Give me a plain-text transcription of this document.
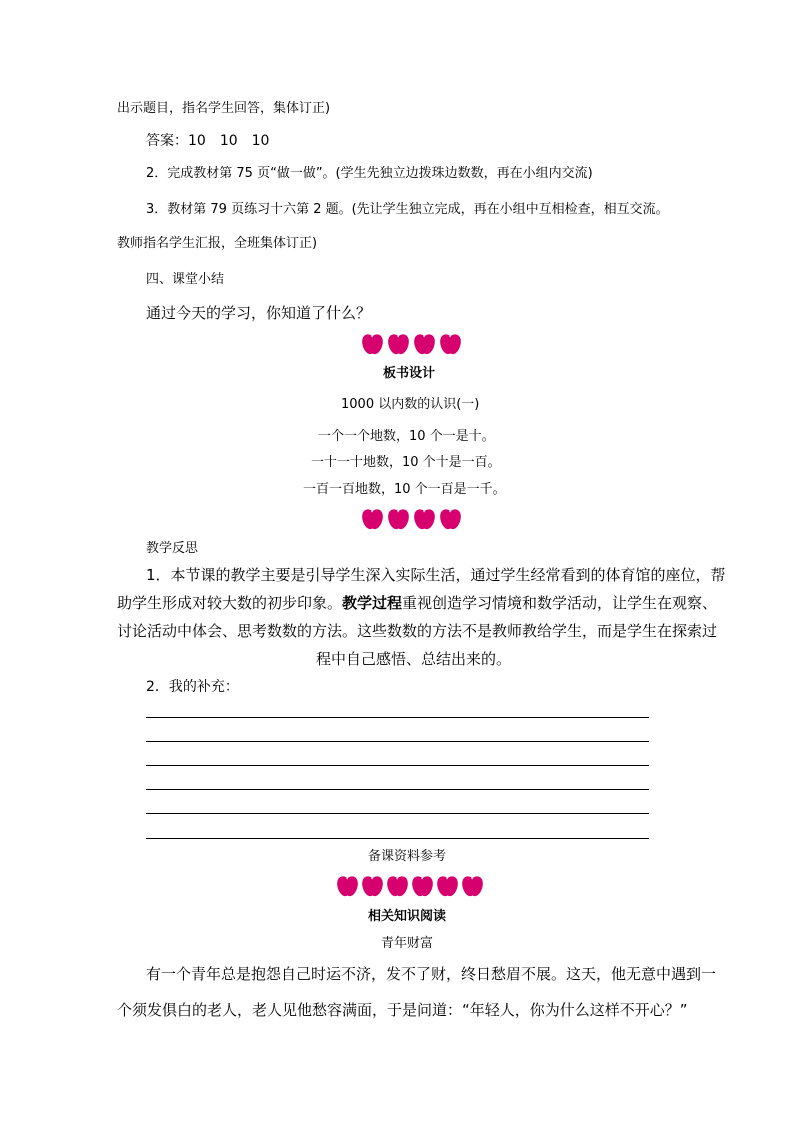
出示题目，指名学生回答，集体订正)
答案：10　10　10
2．完成教材第 75 页“做一做”。(学生先独立边拨珠边数数，再在小组内交流)
3．教材第 79 页练习十六第 2 题。(先让学生独立完成，再在小组中互相检查，相互交流。
教师指名学生汇报，全班集体订正)
四、课堂小结
通过今天的学习，你知道了什么？
板书设计
1000 以内数的认识(一)
一个一个地数，10 个一是十。
一十一十地数，10 个十是一百。
一百一百地数，10 个一百是一千。
教学反思
1．本节课的教学主要是引导学生深入实际生活，通过学生经常看到的体育馆的座位，帮
助学生形成对较大数的初步印象。教学过程重视创造学习情境和数学活动，让学生在观察、
讨论活动中体会、思考数数的方法。这些数数的方法不是教师教给学生，而是学生在探索过
程中自己感悟、总结出来的。
2．我的补充：
备课资料参考
相关知识阅读
青年财富
有一个青年总是抱怨自己时运不济，发不了财，终日愁眉不展。这天，他无意中遇到一
个须发俱白的老人，老人见他愁容满面，于是问道：“年轻人，你为什么这样不开心？”
